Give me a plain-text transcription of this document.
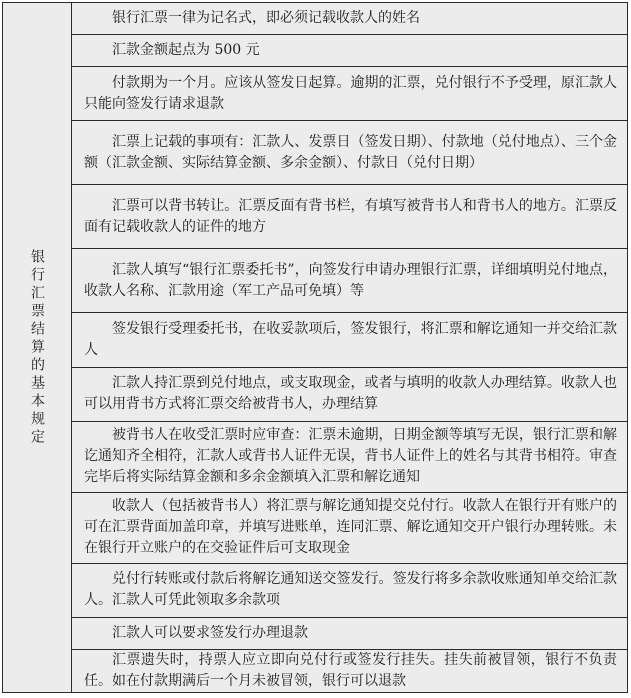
银行汇票结算的基本规定
银行汇票一律为记名式，即必须记载收款人的姓名
汇款金额起点为 500 元
付款期为一个月。应该从签发日起算。逾期的汇票，兑付银行不予受理，原汇款人只能向签发行请求退款
汇票上记载的事项有：汇款人、发票日（签发日期）、付款地（兑付地点）、三个金额（汇款金额、实际结算金额、多余金额）、付款日（兑付日期）
汇票可以背书转让。汇票反面有背书栏，有填写被背书人和背书人的地方。汇票反面有记载收款人的证件的地方
汇款人填写“银行汇票委托书”，向签发行申请办理银行汇票，详细填明兑付地点，收款人名称、汇款用途（军工产品可免填）等
签发银行受理委托书，在收妥款项后，签发银行，将汇票和解讫通知一并交给汇款人
汇款人持汇票到兑付地点，或支取现金，或者与填明的收款人办理结算。收款人也可以用背书方式将汇票交给被背书人，办理结算
被背书人在收受汇票时应审查：汇票未逾期，日期金额等填写无误，银行汇票和解讫通知齐全相符，汇款人或背书人证件无误，背书人证件上的姓名与其背书相符。审查完毕后将实际结算金额和多余金额填入汇票和解讫通知
收款人（包括被背书人）将汇票与解讫通知提交兑付行。收款人在银行开有账户的可在汇票背面加盖印章，并填写进账单，连同汇票、解讫通知交开户银行办理转账。未在银行开立账户的在交验证件后可支取现金
兑付行转账或付款后将解讫通知送交签发行。签发行将多余款收账通知单交给汇款人。汇款人可凭此领取多余款项
汇款人可以要求签发行办理退款
汇票遗失时，持票人应立即向兑付行或签发行挂失。挂失前被冒领，银行不负责任。如在付款期满后一个月未被冒领，银行可以退款
